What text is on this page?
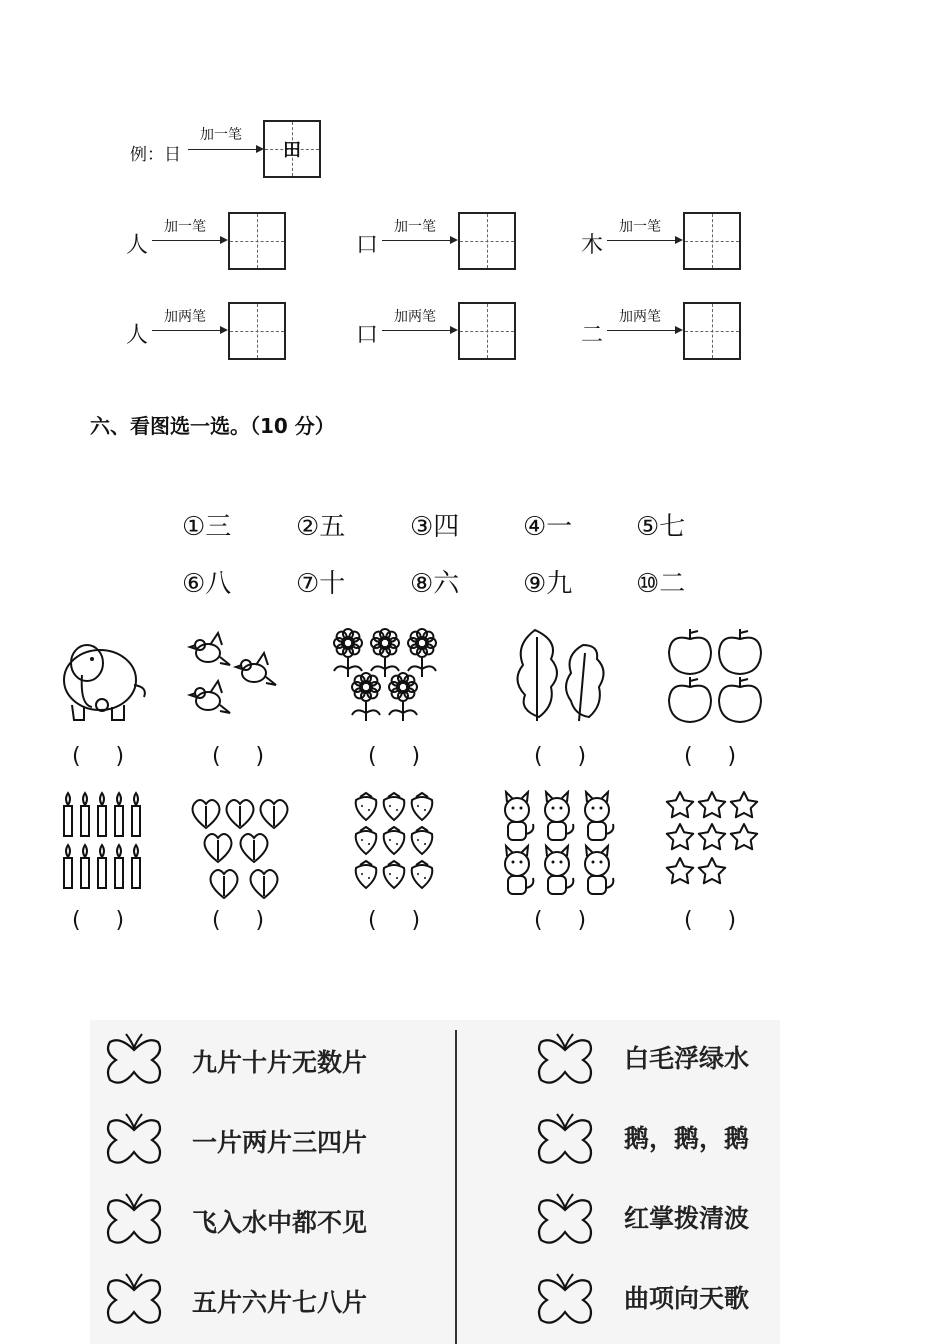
例：日
加一笔
田
人
加一笔
口
加一笔
木
加一笔
人
加两笔
口
加两笔
二
加两笔
六、看图选一选。（10 分）
①三 ②五 ③四 ④一 ⑤七
⑥八 ⑦十 ⑧六 ⑨九 ⑩二
(     )	(     )	(     )	(     )	(     )
(     )	(     )	(     )	(     )	(     )
九片十片无数片
一片两片三四片
飞入水中都不见
五片六片七八片
白毛浮绿水
鹅，鹅，鹅
红掌拨清波
曲项向天歌
